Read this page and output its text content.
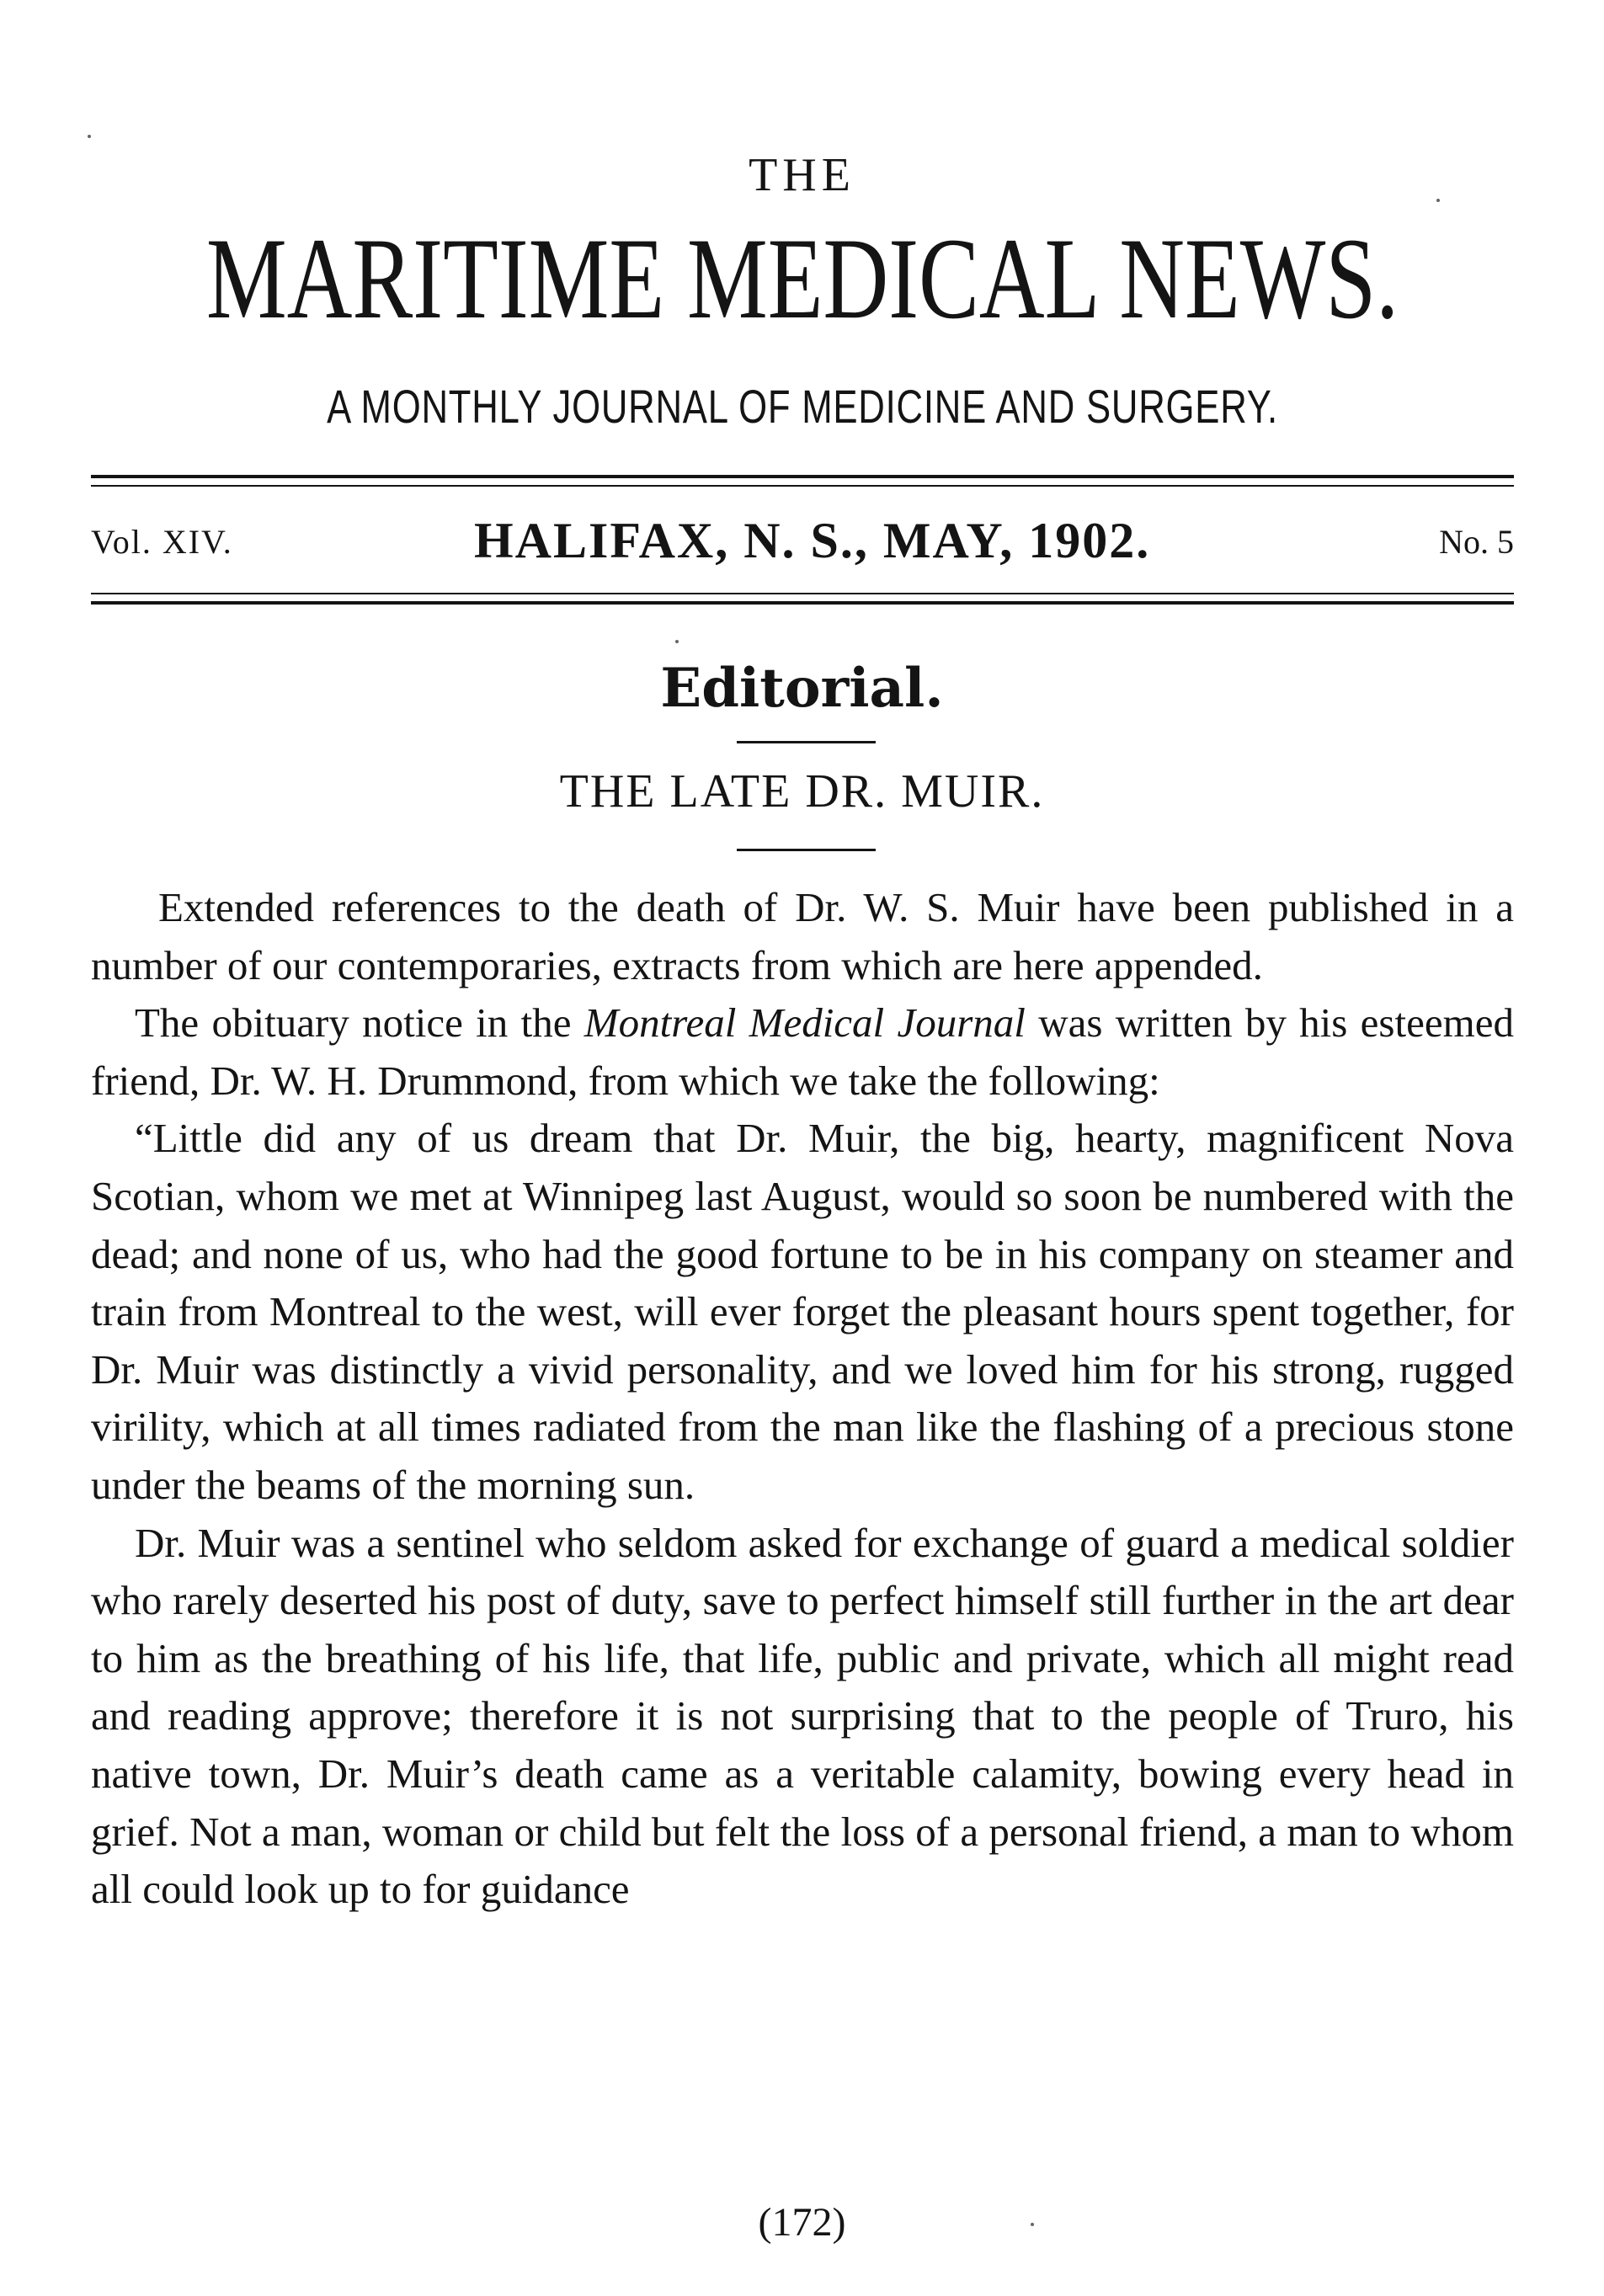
THE
MARITIME MEDICAL NEWS.
A MONTHLY JOURNAL OF MEDICINE AND SURGERY.
Vol. XIV.	HALIFAX, N. S., MAY, 1902.	No. 5
Editorial.
THE LATE DR. MUIR.

Extended references to the death of Dr. W. S. Muir have been published in a number of our contemporaries, extracts from which are here appended.

The obituary notice in the Montreal Medical Journal was written by his esteemed friend, Dr. W. H. Drummond, from which we take the following:

“Little did any of us dream that Dr. Muir, the big, hearty, magnificent Nova Scotian, whom we met at Winnipeg last August, would so soon be numbered with the dead; and none of us, who had the good fortune to be in his company on steamer and train from Montreal to the west, will ever forget the pleasant hours spent together, for Dr. Muir was distinctly a vivid personality, and we loved him for his strong, rugged virility, which at all times radiated from the man like the flashing of a precious stone under the beams of the morning sun.

Dr. Muir was a sentinel who seldom asked for exchange of guard a medical soldier who rarely deserted his post of duty, save to perfect himself still further in the art dear to him as the breathing of his life, that life, public and private, which all might read and reading approve; therefore it is not surprising that to the people of Truro, his native town, Dr. Muir’s death came as a veritable calamity, bowing every head in grief. Not a man, woman or child but felt the loss of a personal friend, a man to whom all could look up to for guidance

(172)
